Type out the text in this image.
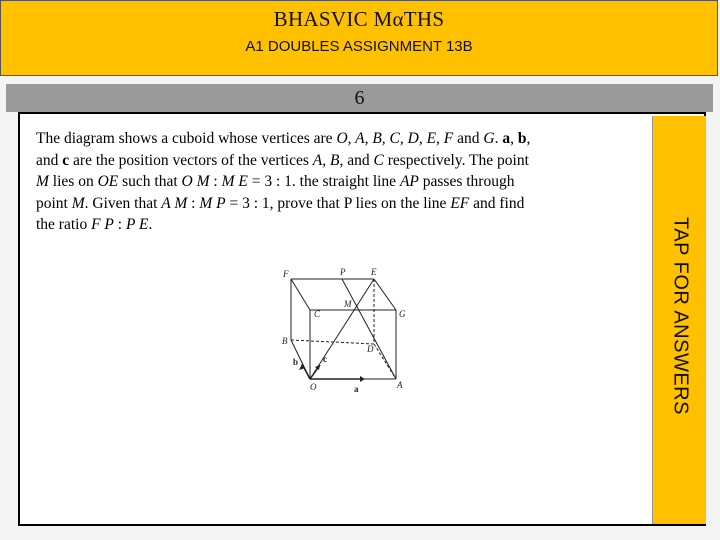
BHASVIC MαTHS
A1 DOUBLES ASSIGNMENT 13B
6
The diagram shows a cuboid whose vertices are O, A, B, C, D, E, F and G. a, b,
and c are the position vectors of the vertices A, B, and C respectively. The point
M lies on OE such that O M : M E = 3 : 1. the straight line AP passes through
point M. Given that A M : M P = 3 : 1, prove that P lies on the line EF and find
the ratio F P : P E.
F	P	E
M
C	G
B
D
b	c
O	A
a	TAP FOR ANSWERS
